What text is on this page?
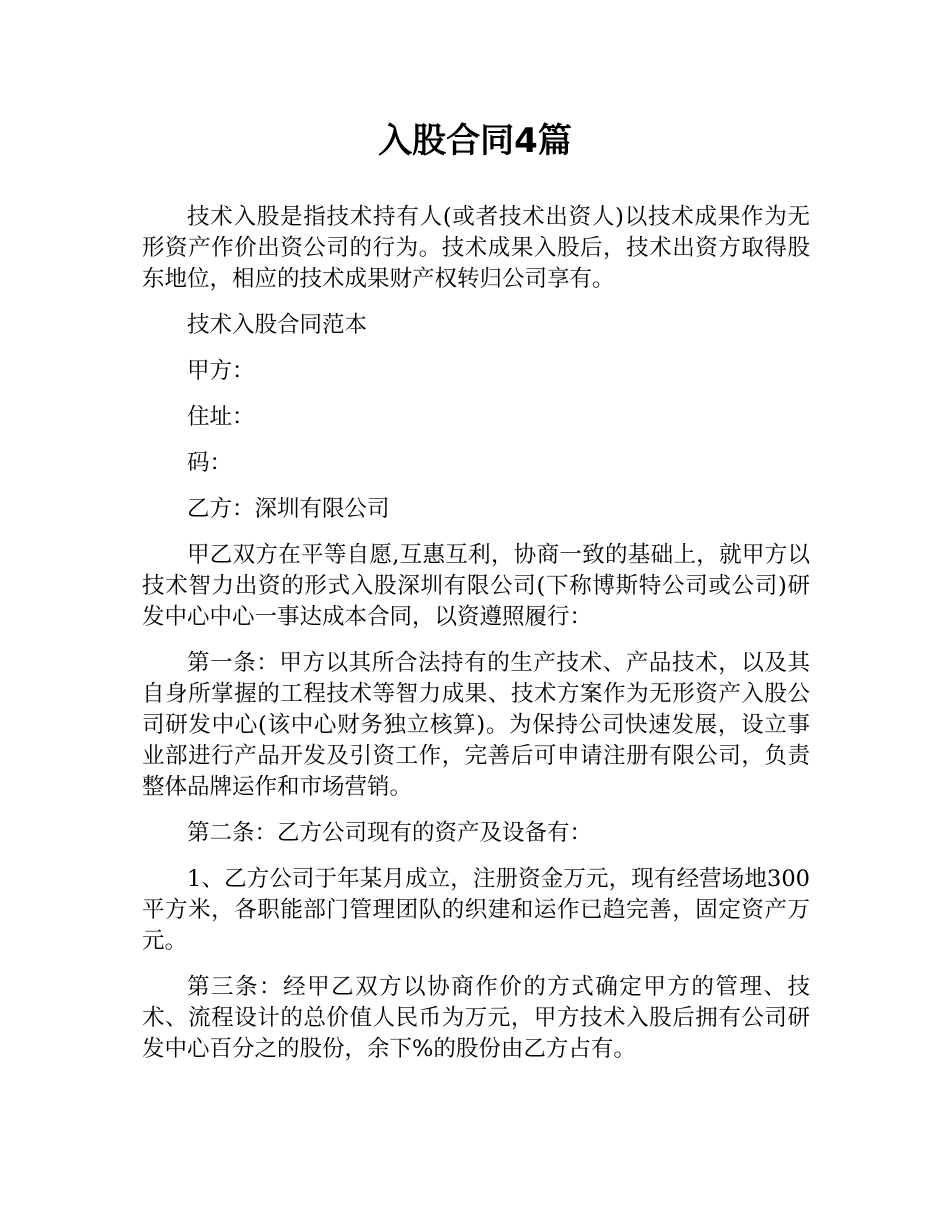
入股合同4篇

技术入股是指技术持有人(或者技术出资人)以技术成果作为无形资产作价出资公司的行为。技术成果入股后，技术出资方取得股东地位，相应的技术成果财产权转归公司享有。

技术入股合同范本

甲方：

住址：

码：

乙方：深圳有限公司

甲乙双方在平等自愿,互惠互利，协商一致的基础上，就甲方以技术智力出资的形式入股深圳有限公司(下称博斯特公司或公司)研发中心中心一事达成本合同，以资遵照履行：

第一条：甲方以其所合法持有的生产技术、产品技术，以及其自身所掌握的工程技术等智力成果、技术方案作为无形资产入股公司研发中心(该中心财务独立核算)。为保持公司快速发展，设立事业部进行产品开发及引资工作，完善后可申请注册有限公司，负责整体品牌运作和市场营销。

第二条：乙方公司现有的资产及设备有：

1、乙方公司于年某月成立，注册资金万元，现有经营场地300平方米，各职能部门管理团队的织建和运作已趋完善，固定资产万元。

第三条：经甲乙双方以协商作价的方式确定甲方的管理、技术、流程设计的总价值人民币为万元，甲方技术入股后拥有公司研发中心百分之的股份，余下%的股份由乙方占有。
